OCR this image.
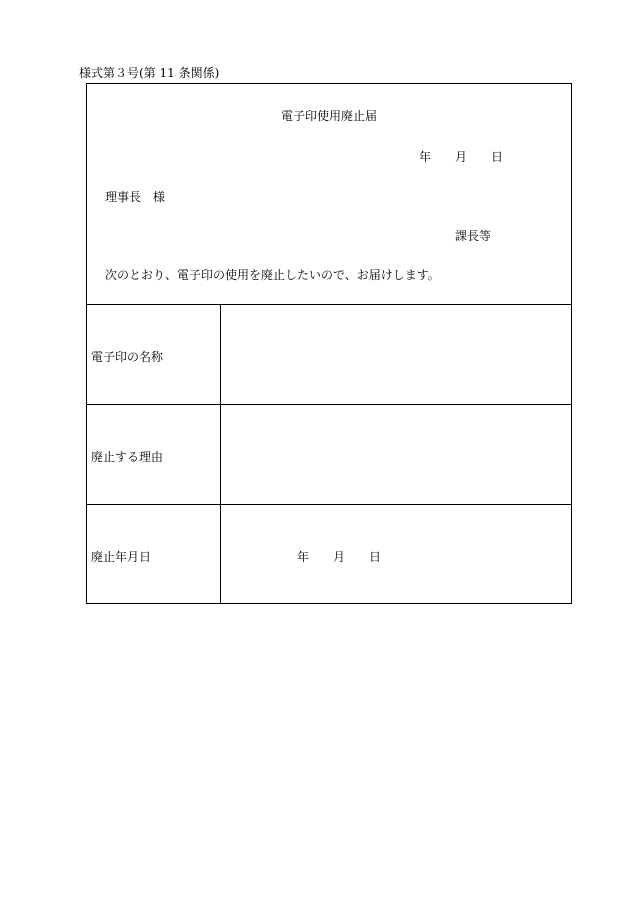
様式第３号(第 11 条関係)
電子印使用廃止届
年 月 日
理事長　様
課長等
次のとおり、電子印の使用を廃止したいので、お届けします。
電子印の名称
廃止する理由
廃止年月日	年 月 日
